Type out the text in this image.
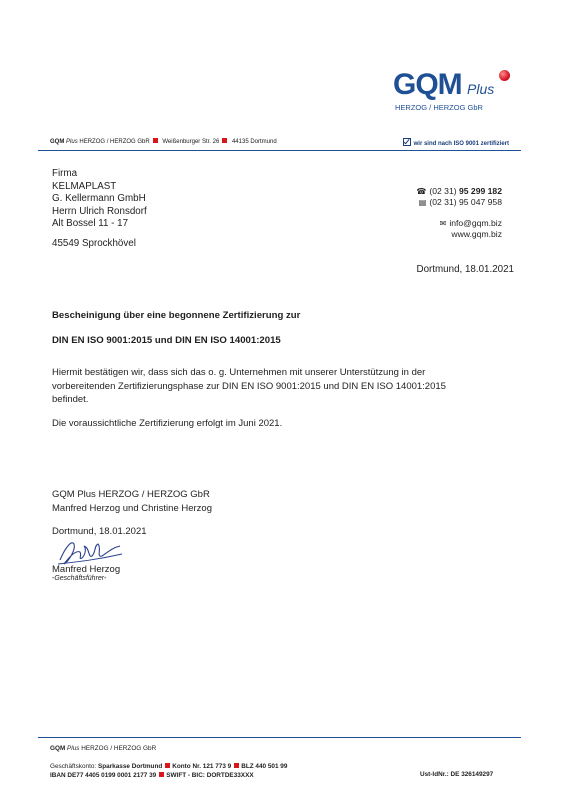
GQM Plus
HERZOG / HERZOG GbR
GQM Plus HERZOG / HERZOG GbR Weißenburger Str. 26 44135 Dortmund	wir sind nach ISO 9001 zertifiziert
Firma
KELMAPLAST
G. Kellermann GmbH
Herrn Ulrich Ronsdorf
Alt Bossel 11 - 17
45549 Sprockhövel
☎ (02 31) 95 299 182
▤ (02 31) 95 047 958
✉ info@gqm.biz
www.gqm.biz
Dortmund, 18.01.2021
Bescheinigung über eine begonnene Zertifizierung zur
DIN EN ISO 9001:2015 und DIN EN ISO 14001:2015
Hiermit bestätigen wir, dass sich das o. g. Unternehmen mit unserer Unterstützung in der vorbereitenden Zertifizierungsphase zur DIN EN ISO 9001:2015 und DIN EN ISO 14001:2015 befindet.
Die voraussichtliche Zertifizierung erfolgt im Juni 2021.
GQM Plus HERZOG / HERZOG GbR
Manfred Herzog und Christine Herzog
Dortmund, 18.01.2021
Manfred Herzog
-Geschäftsführer-
GQM Plus HERZOG / HERZOG GbR
Geschäftskonto: Sparkasse Dortmund Konto Nr. 121 773 9 BLZ 440 501 99
IBAN DE77 4405 0199 0001 2177 39 SWIFT - BIC: DORTDE33XXX	Ust-IdNr.: DE 326149297
